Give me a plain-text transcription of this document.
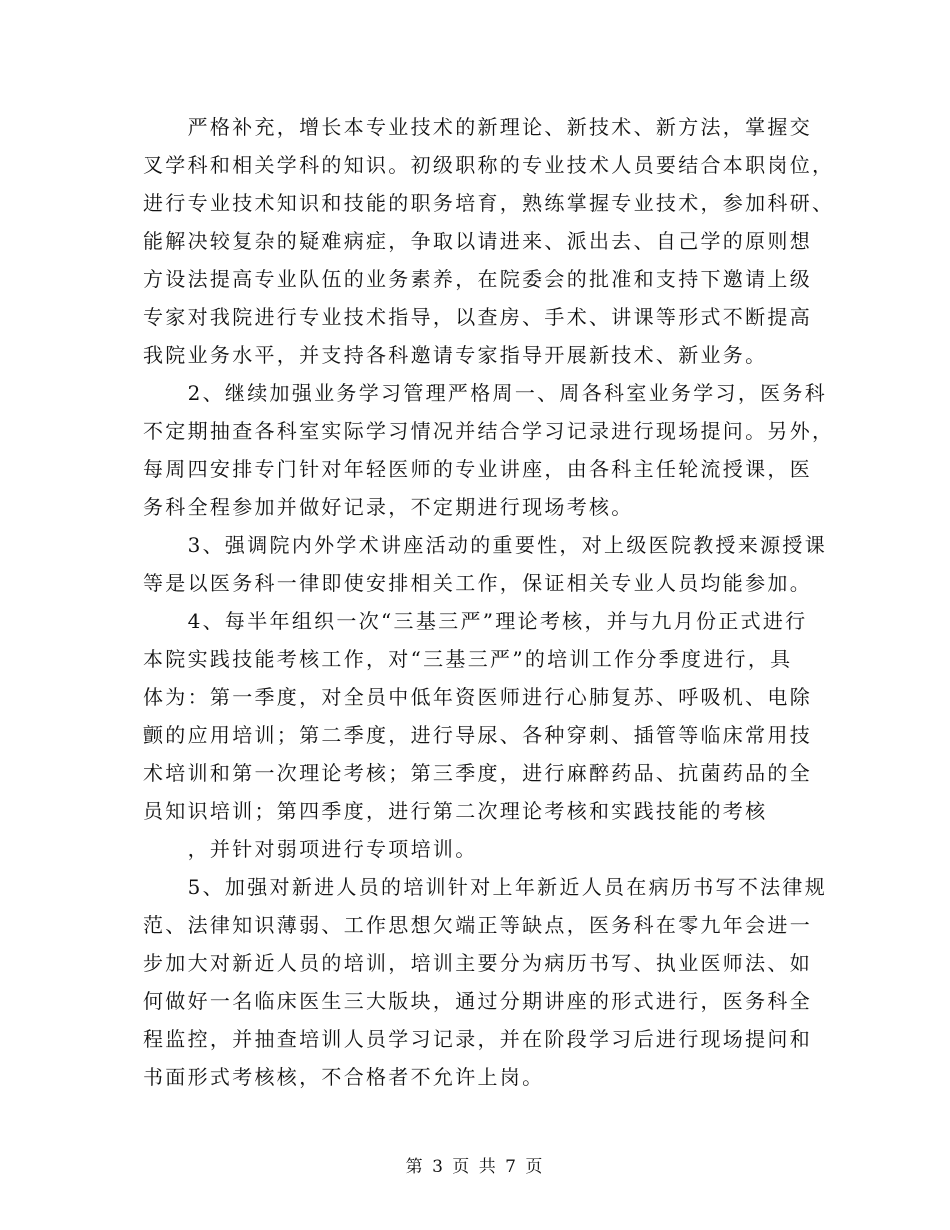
　　严格补充，增长本专业技术的新理论、新技术、新方法，掌握交
叉学科和相关学科的知识。初级职称的专业技术人员要结合本职岗位，
进行专业技术知识和技能的职务培育，熟练掌握专业技术，参加科研、
能解决较复杂的疑难病症，争取以请进来、派出去、自己学的原则想
方设法提高专业队伍的业务素养，在院委会的批准和支持下邀请上级
专家对我院进行专业技术指导，以查房、手术、讲课等形式不断提高
我院业务水平，并支持各科邀请专家指导开展新技术、新业务。
　　2、继续加强业务学习管理严格周一、周各科室业务学习，医务科
不定期抽查各科室实际学习情况并结合学习记录进行现场提问。另外，
每周四安排专门针对年轻医师的专业讲座，由各科主任轮流授课，医
务科全程参加并做好记录，不定期进行现场考核。
　　3、强调院内外学术讲座活动的重要性，对上级医院教授来源授课
等是以医务科一律即使安排相关工作，保证相关专业人员均能参加。
　　4、每半年组织一次“三基三严”理论考核，并与九月份正式进行
本院实践技能考核工作，对“三基三严”的培训工作分季度进行，具
体为：第一季度，对全员中低年资医师进行心肺复苏、呼吸机、电除
颤的应用培训；第二季度，进行导尿、各种穿刺、插管等临床常用技
术培训和第一次理论考核；第三季度，进行麻醉药品、抗菌药品的全
员知识培训；第四季度，进行第二次理论考核和实践技能的考核
　　，并针对弱项进行专项培训。
　　5、加强对新进人员的培训针对上年新近人员在病历书写不法律规
范、法律知识薄弱、工作思想欠端正等缺点，医务科在零九年会进一
步加大对新近人员的培训，培训主要分为病历书写、执业医师法、如
何做好一名临床医生三大版块，通过分期讲座的形式进行，医务科全
程监控，并抽查培训人员学习记录，并在阶段学习后进行现场提问和
书面形式考核核，不合格者不允许上岗。
第 3 页 共 7 页
